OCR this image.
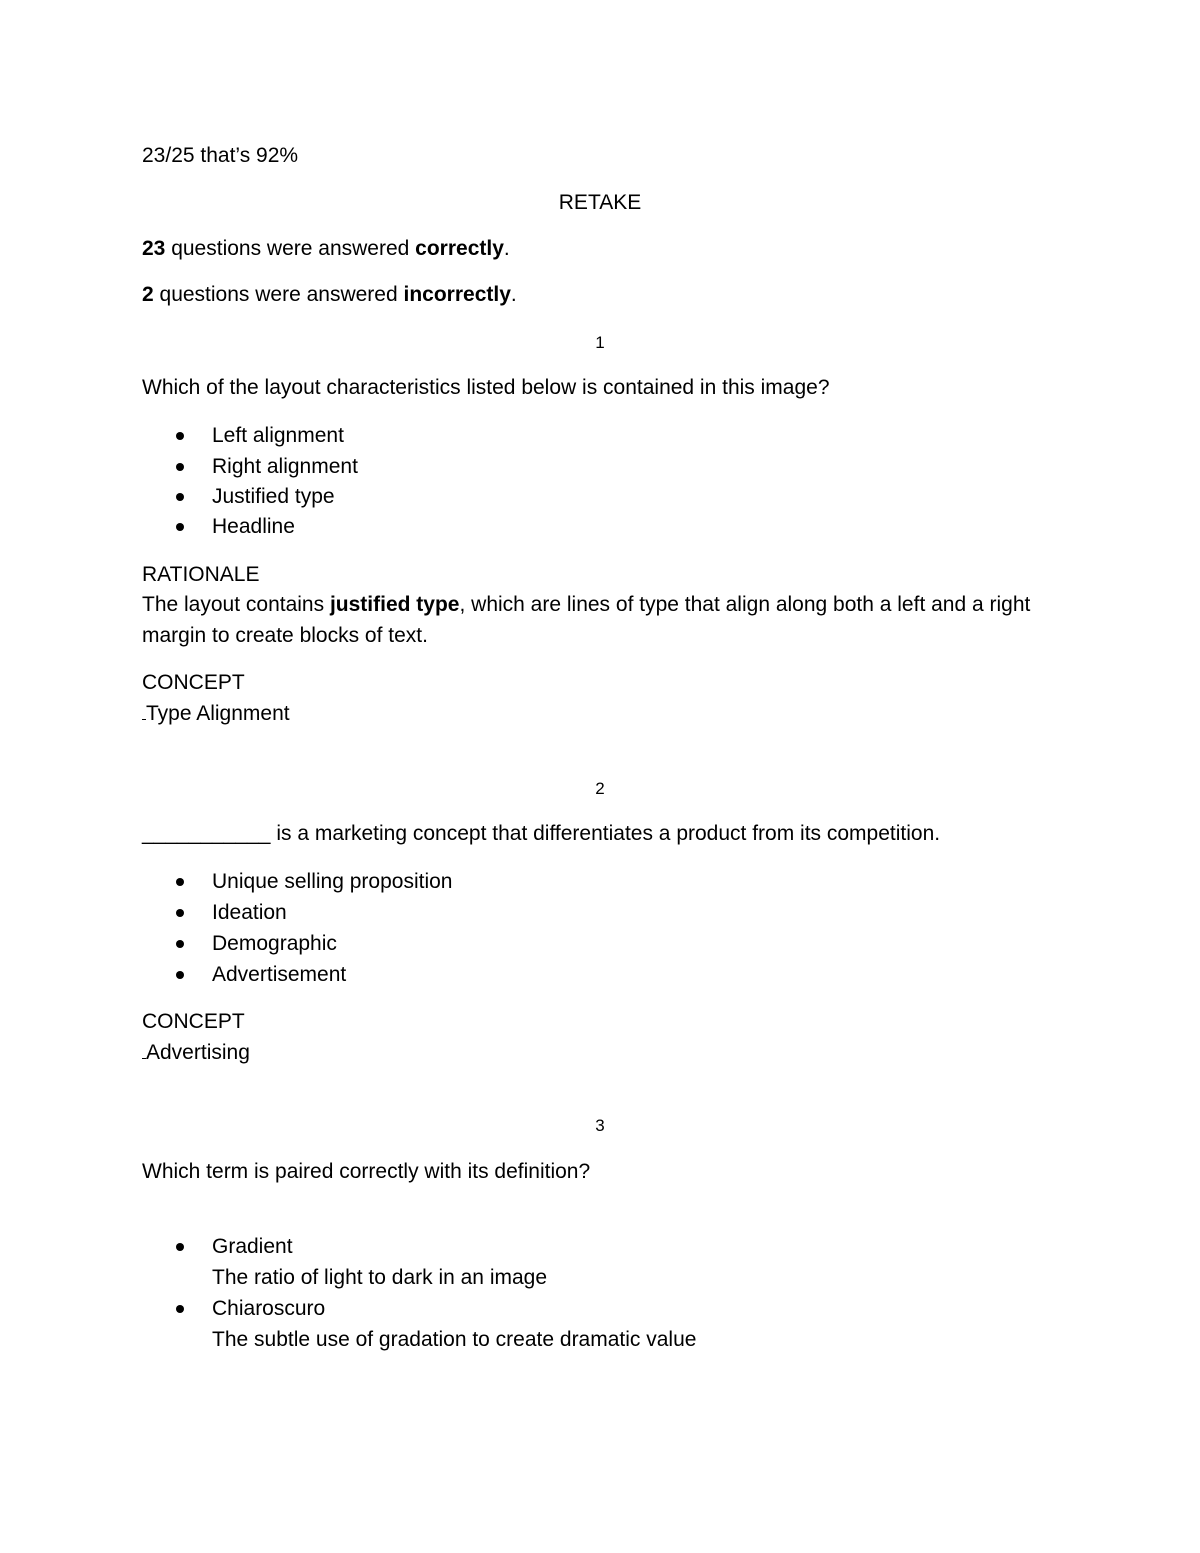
23/25 that’s 92%
RETAKE
23 questions were answered correctly.
2 questions were answered incorrectly.
1
Which of the layout characteristics listed below is contained in this image?
Left alignment
Right alignment
Justified type
Headline
RATIONALE
The layout contains justified type, which are lines of type that align along both a left and a right
margin to create blocks of text.
CONCEPT
Type Alignment
2
___________ is a marketing concept that differentiates a product from its competition.
Unique selling proposition
Ideation
Demographic
Advertisement
CONCEPT
Advertising
3
Which term is paired correctly with its definition?
Gradient
The ratio of light to dark in an image
Chiaroscuro
The subtle use of gradation to create dramatic value
